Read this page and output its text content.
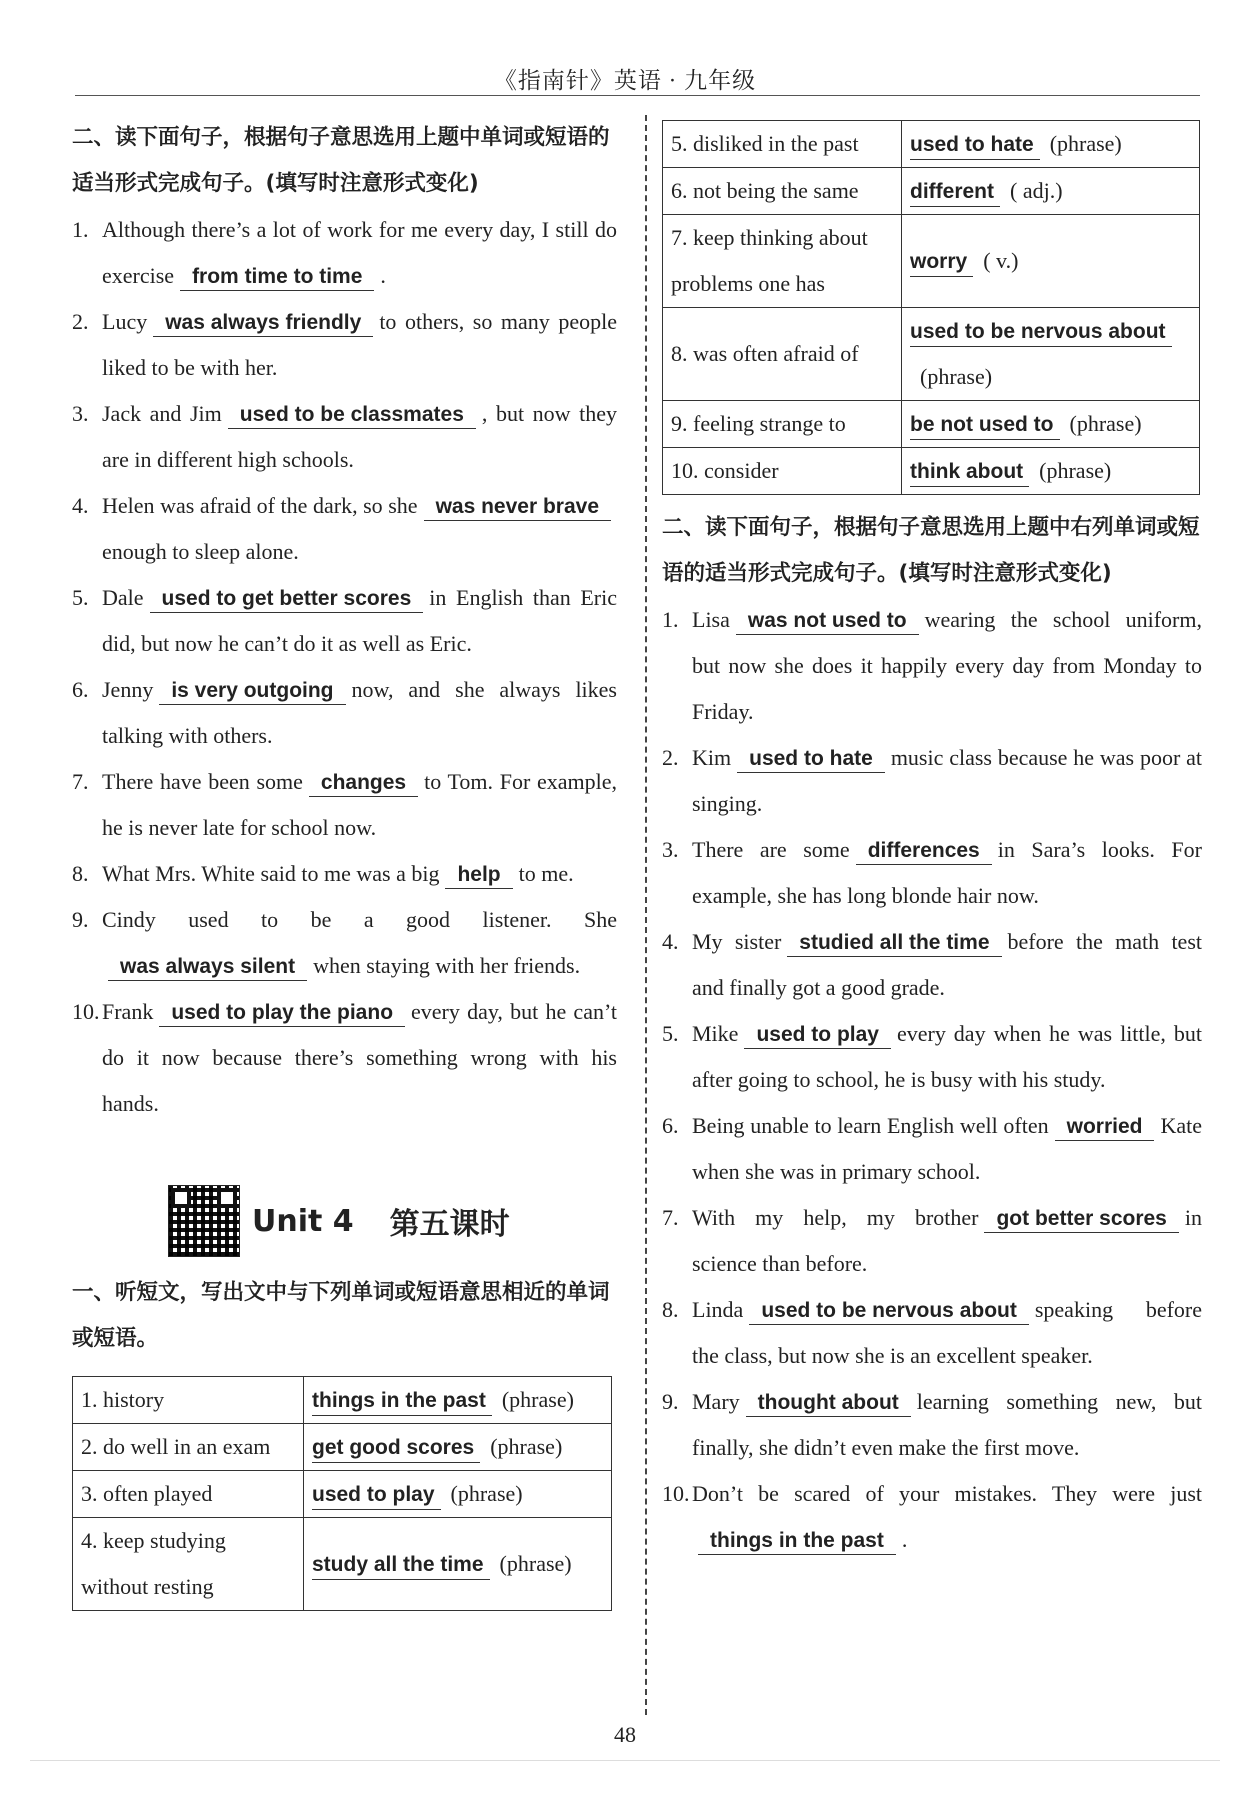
《指南针》英语 · 九年级
二、读下面句子，根据句子意思选用上题中单词或短语的适当形式完成句子。(填写时注意形式变化)
1. Although there’s a lot of work for me every day, I still do exercise from time to time .
2. Lucy was always friendly to others, so many people liked to be with her.
3. Jack and Jim used to be classmates , but now they are in different high schools.
4. Helen was afraid of the dark, so she was never braveenough to sleep alone.
5. Dale used to get better scores in English than Eric did, but now he can’t do it as well as Eric.
6. Jenny is very outgoing now, and she always likes talking with others.
7. There have been some changes to Tom. For example, he is never late for school now.
8. What Mrs. White said to me was a big help to me.
9. Cindy used to be a good listener. Shewas always silent when staying with her friends.
10. Frank used to play the piano every day, but he can’t do it now because there’s something wrong with his hands.
Unit 4 第五课时
一、听短文，写出文中与下列单词或短语意思相近的单词或短语。
1. history	things in the past (phrase)
2. do well in an exam	get good scores (phrase)
3. often played	used to play (phrase)
4. keep studying without resting	study all the time (phrase)
5. disliked in the past	used to hate (phrase)
6. not being the same	different ( adj.)
7. keep thinking about problems one has	worry ( v.)
8. was often afraid of	used to be nervous about(phrase)
9. feeling strange to	be not used to (phrase)
10. consider	think about (phrase)
二、读下面句子，根据句子意思选用上题中右列单词或短语的适当形式完成句子。(填写时注意形式变化)
1. Lisa was not used to wearing the school uniform, but now she does it happily every day from Monday to Friday.
2. Kim used to hate music class because he was poor at singing.
3. There are some differences in Sara’s looks. For example, she has long blonde hair now.
4. My sister studied all the time before the math test and finally got a good grade.
5. Mike used to play every day when he was little, but after going to school, he is busy with his study.
6. Being unable to learn English well often worried Kate when she was in primary school.
7. With my help, my brother got better scores in science than before.
8. Linda used to be nervous about speaking before the class, but now she is an excellent speaker.
9. Mary thought about learning something new, but finally, she didn’t even make the first move.
10. Don’t be scared of your mistakes. They were justthings in the past .
48
